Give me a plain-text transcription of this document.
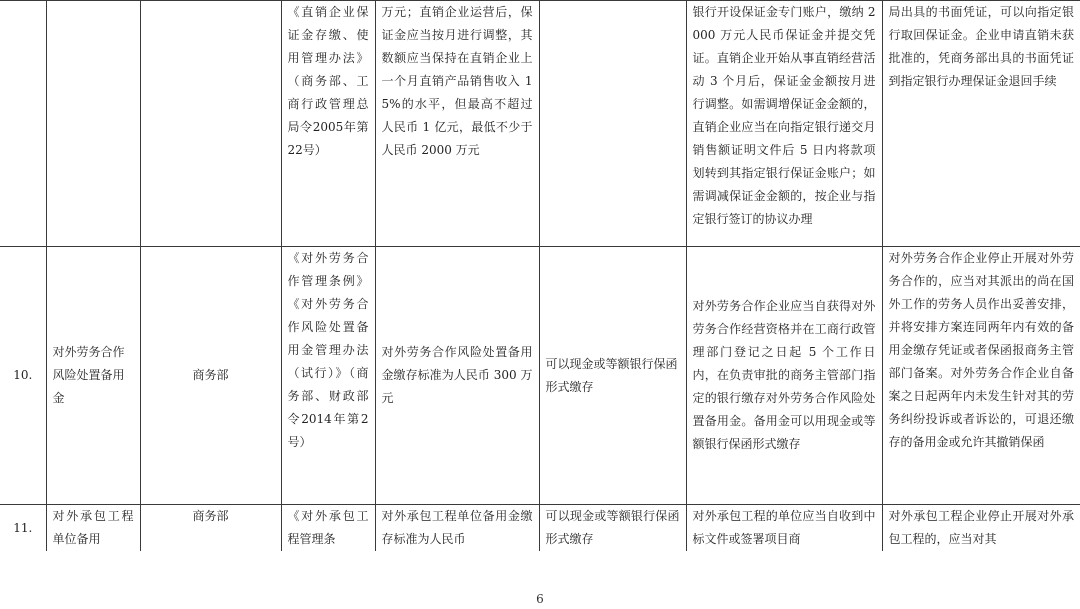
			《直销企业保证金存缴、使用管理办法》（商务部、工商行政管理总局令2005年第22号）	万元；直销企业运营后，保证金应当按月进行调整，其数额应当保持在直销企业上一个月直销产品销售收入 15%的水平，但最高不超过人民币 1 亿元，最低不少于人民币 2000 万元		银行开设保证金专门账户，缴纳 2000 万元人民币保证金并提交凭证。直销企业开始从事直销经营活动 3 个月后，保证金金额按月进行调整。如需调增保证金金额的，直销企业应当在向指定银行递交月销售额证明文件后 5 日内将款项划转到其指定银行保证金账户；如需调减保证金金额的，按企业与指定银行签订的协议办理	局出具的书面凭证，可以向指定银行取回保证金。企业申请直销未获批准的，凭商务部出具的书面凭证到指定银行办理保证金退回手续

10.	对外劳务合作风险处置备用金	商务部	《对外劳务合作管理条例》《对外劳务合作风险处置备用金管理办法（试行）》（商务部、财政部令2014年第2号）	对外劳务合作风险处置备用金缴存标准为人民币 300 万元	可以现金或等额银行保函形式缴存	对外劳务合作企业应当自获得对外劳务合作经营资格并在工商行政管理部门登记之日起 5 个工作日内，在负责审批的商务主管部门指定的银行缴存对外劳务合作风险处置备用金。备用金可以用现金或等额银行保函形式缴存	对外劳务合作企业停止开展对外劳务合作的，应当对其派出的尚在国外工作的劳务人员作出妥善安排，并将安排方案连同两年内有效的备用金缴存凭证或者保函报商务主管部门备案。对外劳务合作企业自备案之日起两年内未发生针对其的劳务纠纷投诉或者诉讼的，可退还缴存的备用金或允许其撤销保函

11.	对外承包工程单位备用	商务部	《对外承包工程管理条	对外承包工程单位备用金缴存标准为人民币	可以现金或等额银行保函形式缴存	对外承包工程的单位应当自收到中标文件或签署项目商	对外承包工程企业停止开展对外承包工程的，应当对其
6
